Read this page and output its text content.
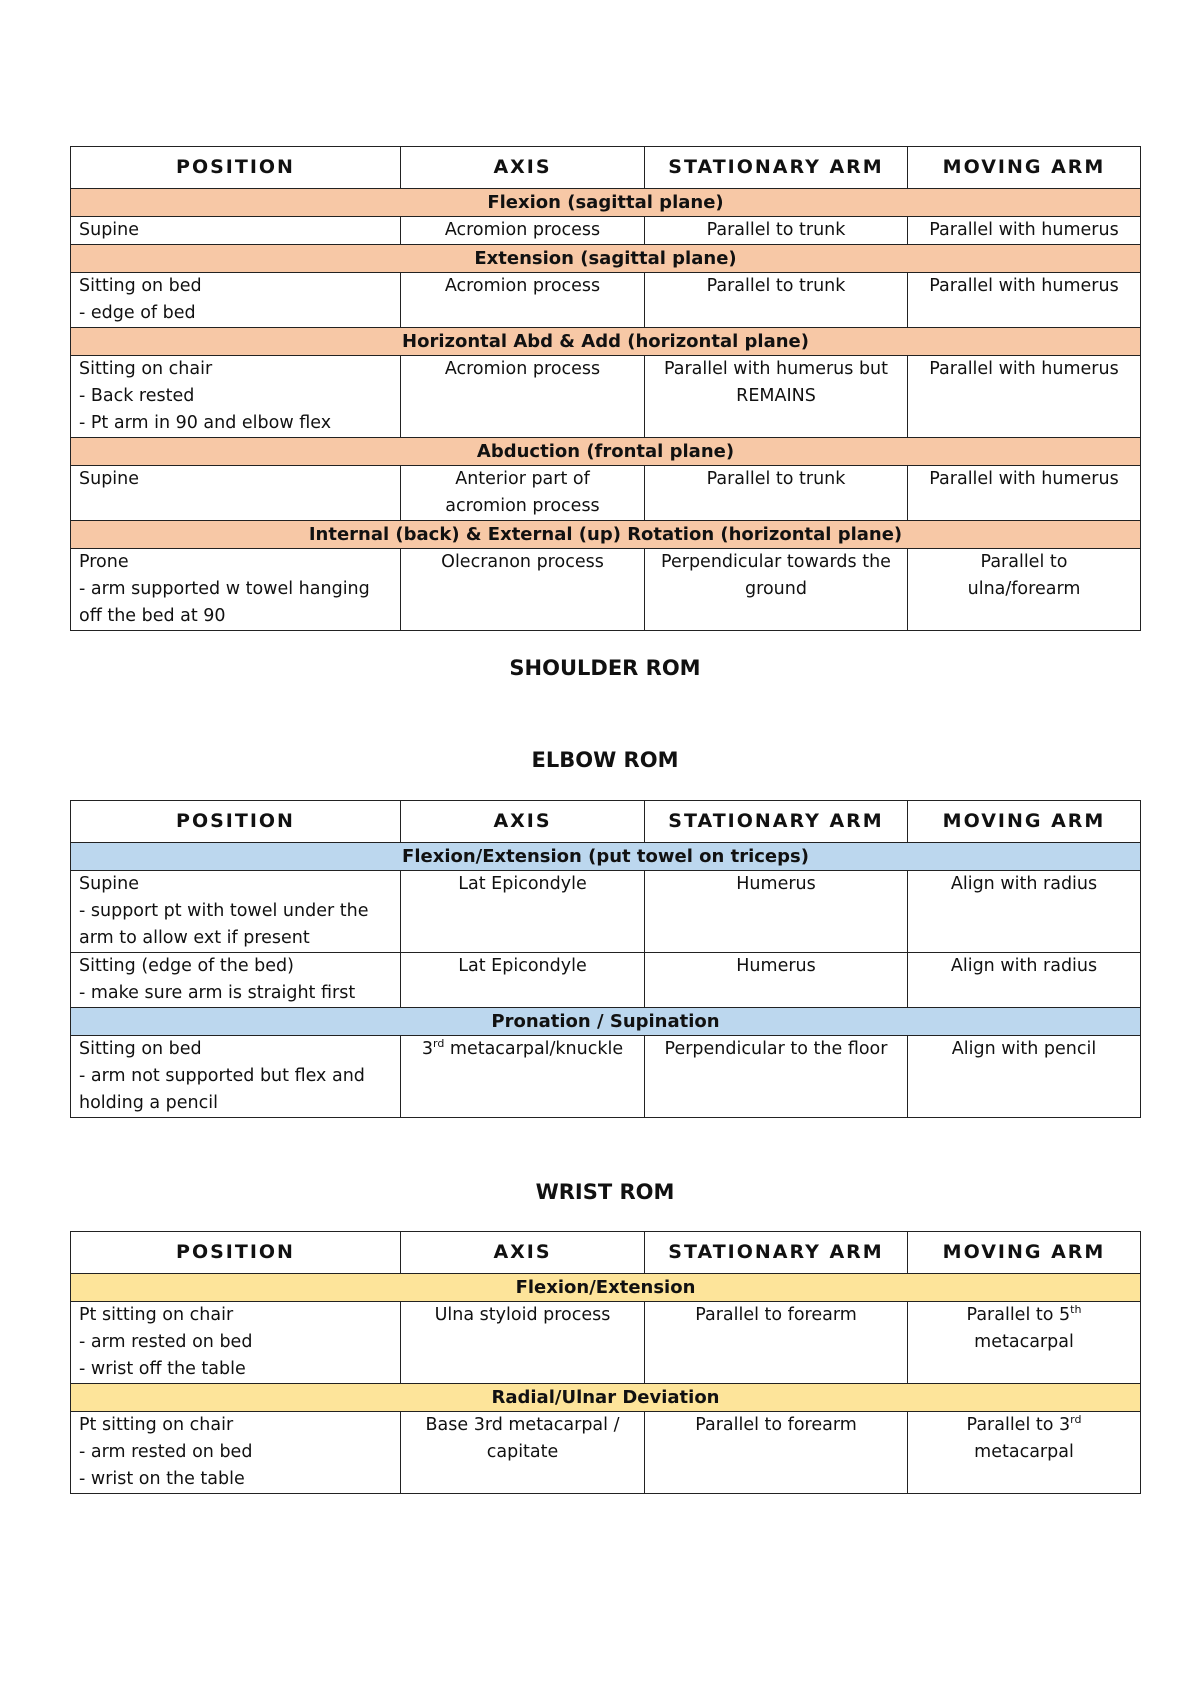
POSITION	AXIS	STATIONARY ARM	MOVING ARM
Flexion (sagittal plane)			

Supine	Acromion process	Parallel to trunk	Parallel with humerus

Extension (sagittal plane)			

Sitting on bed
- edge of bed	Acromion process	Parallel to trunk	Parallel with humerus

Horizontal Abd & Add (horizontal plane)			

Sitting on chair
- Back rested
- Pt arm in 90 and elbow flex	Acromion process	Parallel with humerus but
REMAINS	Parallel with humerus

Abduction (frontal plane)			

Supine	Anterior part of
acromion process	Parallel to trunk	Parallel with humerus

Internal (back) & External (up) Rotation (horizontal plane)			

Prone
- arm supported w towel hanging
off the bed at 90	Olecranon process	Perpendicular towards the
ground	Parallel to
ulna/forearm
SHOULDER ROM
ELBOW ROM
POSITION	AXIS	STATIONARY ARM	MOVING ARM
Flexion/Extension (put towel on triceps)			

Supine
- support pt with towel under the
arm to allow ext if present	Lat Epicondyle	Humerus	Align with radius

Sitting (edge of the bed)
- make sure arm is straight first	Lat Epicondyle	Humerus	Align with radius

Pronation / Supination			

Sitting on bed
- arm not supported but flex and
holding a pencil	3rd metacarpal/knuckle	Perpendicular to the floor	Align with pencil
WRIST ROM
POSITION	AXIS	STATIONARY ARM	MOVING ARM
Flexion/Extension			

Pt sitting on chair
- arm rested on bed
- wrist off the table	Ulna styloid process	Parallel to forearm	Parallel to 5th
metacarpal

Radial/Ulnar Deviation			

Pt sitting on chair
- arm rested on bed
- wrist on the table	Base 3rd metacarpal /
capitate	Parallel to forearm	Parallel to 3rd
metacarpal
